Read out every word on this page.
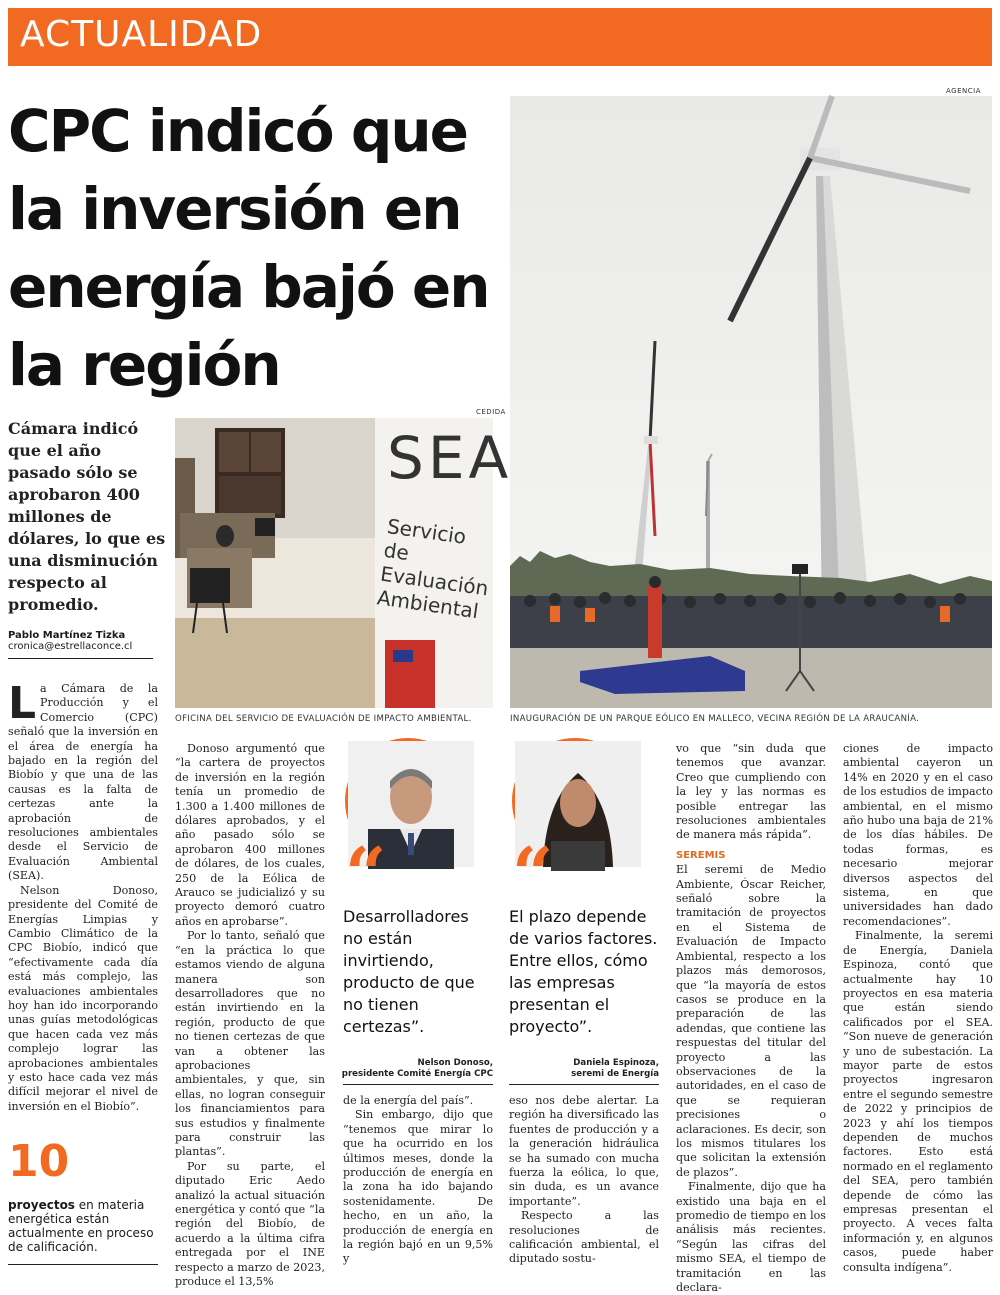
ACTUALIDAD
CPC indicó que la inversión en energía bajó en la región
AGENCIA
INAUGURACIÓN DE UN PARQUE EÓLICO EN MALLECO, VECINA REGIÓN DE LA ARAUCANÍA.
Cámara indicó que el año pasado sólo se aprobaron 400 millones de dólares, lo que es una disminución respecto al promedio.
CEDIDA
SEA
Servicio de Evaluación Ambiental
OFICINA DEL SERVICIO DE EVALUACIÓN DE IMPACTO AMBIENTAL.
Pablo Martínez Tizka
cronica@estrellaconce.cl

La Cámara de la Producción y el Comercio (CPC) señaló que la inversión en el área de energía ha bajado en la región del Biobío y que una de las causas es la falta de certezas ante la aprobación de resoluciones ambientales desde el Servicio de Evaluación Ambiental (SEA).

Nelson Donoso, presidente del Comité de Energías Limpias y Cambio Climático de la CPC Biobío, indicó que “efectivamente cada día está más complejo, las evaluaciones ambientales hoy han ido incorporando unas guías metodológicas que hacen cada vez más complejo lograr las aprobaciones ambientales y esto hace cada vez más difícil mejorar el nivel de inversión en el Biobío”.

10
proyectos en materia energética están actualmente en proceso de calificación.

Donoso argumentó que “la cartera de proyectos de inversión en la región tenía un promedio de 1.300 a 1.400 millones de dólares aprobados, y el año pasado sólo se aprobaron 400 millones de dólares, de los cuales, 250 de la Eólica de Arauco se judicializó y su proyecto demoró cuatro años en aprobarse”.

Por lo tanto, señaló que “en la práctica lo que estamos viendo de alguna manera son desarrolladores que no están invirtiendo en la región, producto de que no tienen certezas de que van a obtener las aprobaciones ambientales, y que, sin ellas, no logran conseguir los financiamientos para sus estudios y finalmente para construir las plantas”.

Por su parte, el diputado Eric Aedo analizó la actual situación energética y contó que “la región del Biobío, de acuerdo a la última cifra entregada por el INE respecto a marzo de 2023, produce el 13,5%

“
Desarrolladores no están invirtiendo, producto de que no tienen certezas”.
Nelson Donoso,
presidente Comité Energía CPC

de la energía del país”.

Sin embargo, dijo que “tenemos que mirar lo que ha ocurrido en los últimos meses, donde la producción de energía en la zona ha ido bajando sostenidamente. De hecho, en un año, la producción de energía en la región bajó en un 9,5% y

“
El plazo depende de varios factores. Entre ellos, cómo las empresas presentan el proyecto”.
Daniela Espinoza,
seremi de Energía

eso nos debe alertar. La región ha diversificado las fuentes de producción y a la generación hidráulica se ha sumado con mucha fuerza la eólica, lo que, sin duda, es un avance importante”.

Respecto a las resoluciones de calificación ambiental, el diputado sostu-

vo que “sin duda que tenemos que avanzar. Creo que cumpliendo con la ley y las normas es posible entregar las resoluciones ambientales de manera más rápida”.

SEREMIS

El seremi de Medio Ambiente, Óscar Reicher, señaló sobre la tramitación de proyectos en el Sistema de Evaluación de Impacto Ambiental, respecto a los plazos más demorosos, que “la mayoría de estos casos se produce en la preparación de las adendas, que contiene las respuestas del titular del proyecto a las observaciones de la autoridades, en el caso de que se requieran precisiones o aclaraciones. Es decir, son los mismos titulares los que solicitan la extensión de plazos”.

Finalmente, dijo que ha existido una baja en el promedio de tiempo en los análisis más recientes. “Según las cifras del mismo SEA, el tiempo de tramitación en las declara-

ciones de impacto ambiental cayeron un 14% en 2020 y en el caso de los estudios de impacto ambiental, en el mismo año hubo una baja de 21% de los días hábiles. De todas formas, es necesario mejorar diversos aspectos del sistema, en que universidades han dado recomendaciones”.

Finalmente, la seremi de Energía, Daniela Espinoza, contó que actualmente hay 10 proyectos en esa materia que están siendo calificados por el SEA. “Son nueve de generación y uno de subestación. La mayor parte de estos proyectos ingresaron entre el segundo semestre de 2022 y principios de 2023 y ahí los tiempos dependen de muchos factores. Esto está normado en el reglamento del SEA, pero también depende de cómo las empresas presentan el proyecto. A veces falta información y, en algunos casos, puede haber consulta indígena”.
